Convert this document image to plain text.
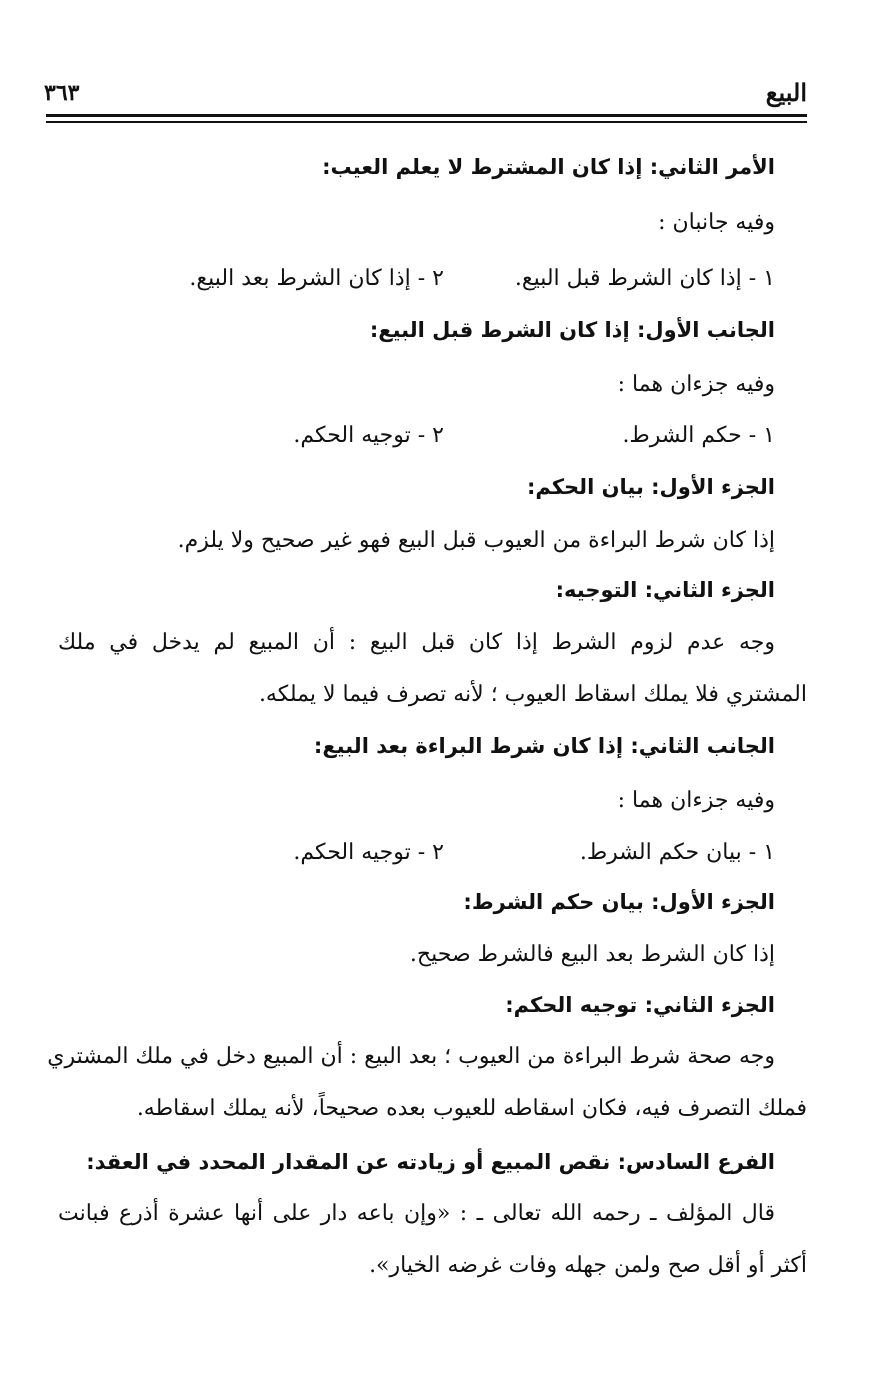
البيع
٣٦٣
الأمر الثاني: إذا كان المشترط لا يعلم العيب:
وفيه جانبان :
١ - إذا كان الشرط قبل البيع.
٢ - إذا كان الشرط بعد البيع.
الجانب الأول: إذا كان الشرط قبل البيع:
وفيه جزءان هما :
١ - حكم الشرط.
٢ - توجيه الحكم.
الجزء الأول: بيان الحكم:
إذا كان شرط البراءة من العيوب قبل البيع فهو غير صحيح ولا يلزم.
الجزء الثاني: التوجيه:
وجه عدم لزوم الشرط إذا كان قبل البيع : أن المبيع لم يدخل في ملك
المشتري فلا يملك اسقاط العيوب ؛ لأنه تصرف فيما لا يملكه.
الجانب الثاني: إذا كان شرط البراءة بعد البيع:
وفيه جزءان هما :
١ - بيان حكم الشرط.
٢ - توجيه الحكم.
الجزء الأول: بيان حكم الشرط:
إذا كان الشرط بعد البيع فالشرط صحيح.
الجزء الثاني: توجيه الحكم:
وجه صحة شرط البراءة من العيوب ؛ بعد البيع : أن المبيع دخل في ملك المشتري
فملك التصرف فيه، فكان اسقاطه للعيوب بعده صحيحاً، لأنه يملك اسقاطه.
الفرع السادس: نقص المبيع أو زيادته عن المقدار المحدد في العقد:
قال المؤلف ـ رحمه الله تعالى ـ : «وإن باعه دار على أنها عشرة أذرع فبانت
أكثر أو أقل صح ولمن جهله وفات غرضه الخيار».
